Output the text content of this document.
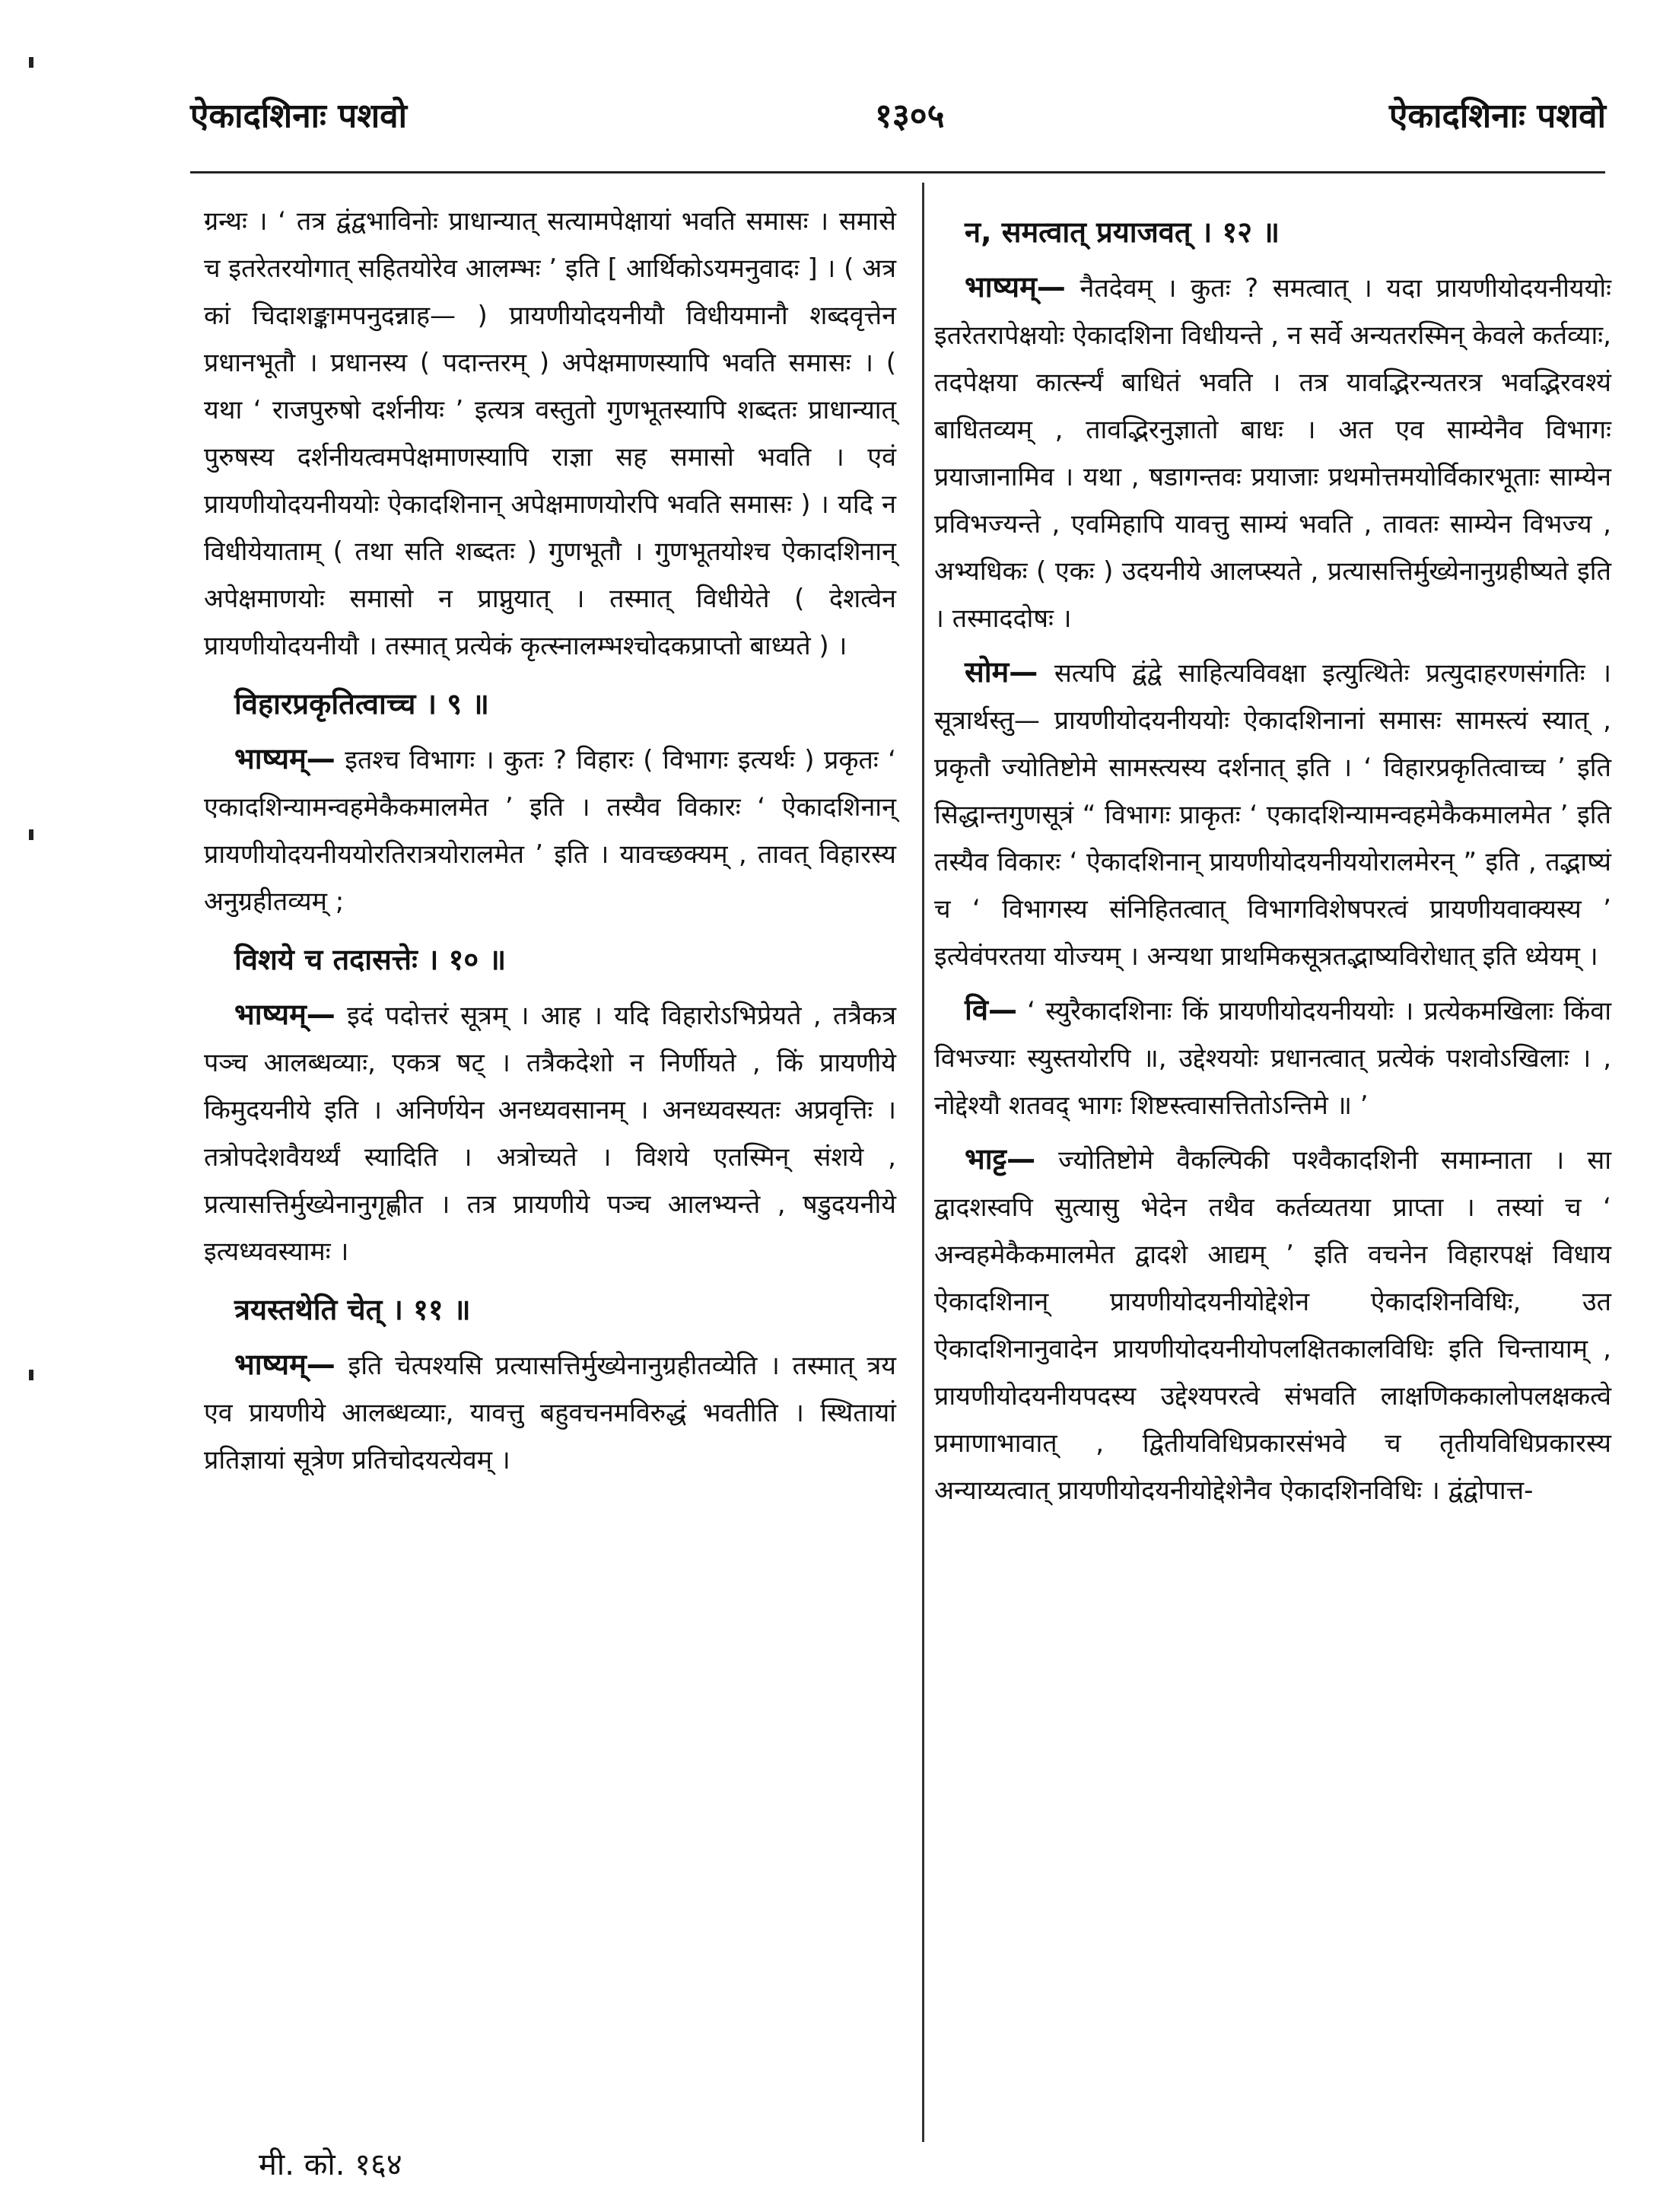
ऐकादशिनाः पशवो	१३०५	ऐकादशिनाः पशवो

ग्रन्थः । ‘ तत्र द्वंद्वभाविनोः प्राधान्यात् सत्यामपेक्षायां भवति समासः । समासे च इतरेतरयोगात् सहितयोरेव आलम्भः ’ इति [ आर्थिकोऽयमनुवादः ] । ( अत्र कां चिदाशङ्कामपनुदन्नाह— ) प्रायणीयोदयनीयौ विधीयमानौ शब्दवृत्तेन प्रधानभूतौ । प्रधानस्य ( पदान्तरम् ) अपेक्षमाणस्यापि भवति समासः । ( यथा ‘ राजपुरुषो दर्शनीयः ’ इत्यत्र वस्तुतो गुणभूतस्यापि शब्दतः प्राधान्यात् पुरुषस्य दर्शनीयत्वमपेक्षमाणस्यापि राज्ञा सह समासो भवति । एवं प्रायणीयोदयनीययोः ऐकादशिनान् अपेक्षमाणयोरपि भवति समासः ) । यदि न विधीयेयाताम् ( तथा सति शब्दतः ) गुणभूतौ । गुणभूतयोश्च ऐकादशिनान् अपेक्षमाणयोः समासो न प्राप्नुयात् । तस्मात् विधीयेते ( देशत्वेन प्रायणीयोदयनीयौ । तस्मात् प्रत्येकं कृत्स्नालम्भश्चोदकप्राप्तो बाध्यते ) ।

विहारप्रकृतित्वाच्च । ९ ॥

भाष्यम्— इतश्च विभागः । कुतः ? विहारः ( विभागः इत्यर्थः ) प्रकृतः ‘ एकादशिन्यामन्वहमेकैकमालमेत ’ इति । तस्यैव विकारः ‘ ऐकादशिनान् प्रायणीयोदयनीययोरतिरात्रयोरालमेत ’ इति । यावच्छक्यम् , तावत् विहारस्य अनुग्रहीतव्यम् ;

विशये च तदासत्तेः । १० ॥

भाष्यम्— इदं पदोत्तरं सूत्रम् । आह । यदि विहारोऽभिप्रेयते , तत्रैकत्र पञ्च आलब्धव्याः, एकत्र षट् । तत्रैकदेशो न निर्णीयते , किं प्रायणीये किमुदयनीये इति । अनिर्णयेन अनध्यवसानम् । अनध्यवस्यतः अप्रवृत्तिः । तत्रोपदेशवैयर्थ्यं स्यादिति । अत्रोच्यते । विशये एतस्मिन् संशये , प्रत्यासत्तिर्मुख्येनानुगृह्णीत । तत्र प्रायणीये पञ्च आलभ्यन्ते , षडुदयनीये इत्यध्यवस्यामः ।

त्रयस्तथेति चेत् । ११ ॥

भाष्यम्— इति चेत्पश्यसि प्रत्यासत्तिर्मुख्येनानुग्रहीतव्येति । तस्मात् त्रय एव प्रायणीये आलब्धव्याः, यावत्तु बहुवचनमविरुद्धं भवतीति । स्थितायां प्रतिज्ञायां सूत्रेण प्रतिचोदयत्येवम् ।

न, समत्वात् प्रयाजवत् । १२ ॥

भाष्यम्— नैतदेवम् । कुतः ? समत्वात् । यदा प्रायणीयोदयनीययोः इतरेतरापेक्षयोः ऐकादशिना विधीयन्ते , न सर्वे अन्यतरस्मिन् केवले कर्तव्याः, तदपेक्षया कार्त्स्न्यं बाधितं भवति । तत्र यावद्भिरन्यतरत्र भवद्भिरवश्यं बाधितव्यम् , तावद्भिरनुज्ञातो बाधः । अत एव साम्येनैव विभागः प्रयाजानामिव । यथा , षडागन्तवः प्रयाजाः प्रथमोत्तमयोर्विकारभूताः साम्येन प्रविभज्यन्ते , एवमिहापि यावत्तु साम्यं भवति , तावतः साम्येन विभज्य , अभ्यधिकः ( एकः ) उदयनीये आलप्स्यते , प्रत्यासत्तिर्मुख्येनानुग्रहीष्यते इति । तस्माददोषः ।

सोम— सत्यपि द्वंद्वे साहित्यविवक्षा इत्युत्थितेः प्रत्युदाहरणसंगतिः । सूत्रार्थस्तु— प्रायणीयोदयनीययोः ऐकादशिनानां समासः सामस्त्यं स्यात् , प्रकृतौ ज्योतिष्टोमे सामस्त्यस्य दर्शनात् इति । ‘ विहारप्रकृतित्वाच्च ’ इति सिद्धान्तगुणसूत्रं “ विभागः प्राकृतः ‘ एकादशिन्यामन्वहमेकैकमालमेत ’ इति तस्यैव विकारः ‘ ऐकादशिनान् प्रायणीयोदयनीययोरालमेरन् ” इति , तद्भाष्यं च ‘ विभागस्य संनिहितत्वात् विभागविशेषपरत्वं प्रायणीयवाक्यस्य ’ इत्येवंपरतया योज्यम् । अन्यथा प्राथमिकसूत्रतद्भाष्यविरोधात् इति ध्येयम् ।

वि— ‘ स्युरैकादशिनाः किं प्रायणीयोदयनीययोः । प्रत्येकमखिलाः किंवा विभज्याः स्युस्तयोरपि ॥, उद्देश्ययोः प्रधानत्वात् प्रत्येकं पशवोऽखिलाः । , नोद्देश्यौ शतवद् भागः शिष्टस्त्वासत्तितोऽन्तिमे ॥ ’

भाट्ट— ज्योतिष्टोमे वैकल्पिकी पश्वैकादशिनी समाम्नाता । सा द्वादशस्वपि सुत्यासु भेदेन तथैव कर्तव्यतया प्राप्ता । तस्यां च ‘ अन्वहमेकैकमालमेत द्वादशे आद्यम् ’ इति वचनेन विहारपक्षं विधाय ऐकादशिनान् प्रायणीयोदयनीयोद्देशेन ऐकादशिनविधिः, उत ऐकादशिनानुवादेन प्रायणीयोदयनीयोपलक्षितकालविधिः इति चिन्तायाम् , प्रायणीयोदयनीयपदस्य उद्देश्यपरत्वे संभवति लाक्षणिककालोपलक्षकत्वे प्रमाणाभावात् , द्वितीयविधिप्रकारसंभवे च तृतीयविधिप्रकारस्य अन्याय्यत्वात् प्रायणीयोदयनीयोद्देशेनैव ऐकादशिनविधिः । द्वंद्वोपात्त-

मी. को. १६४
